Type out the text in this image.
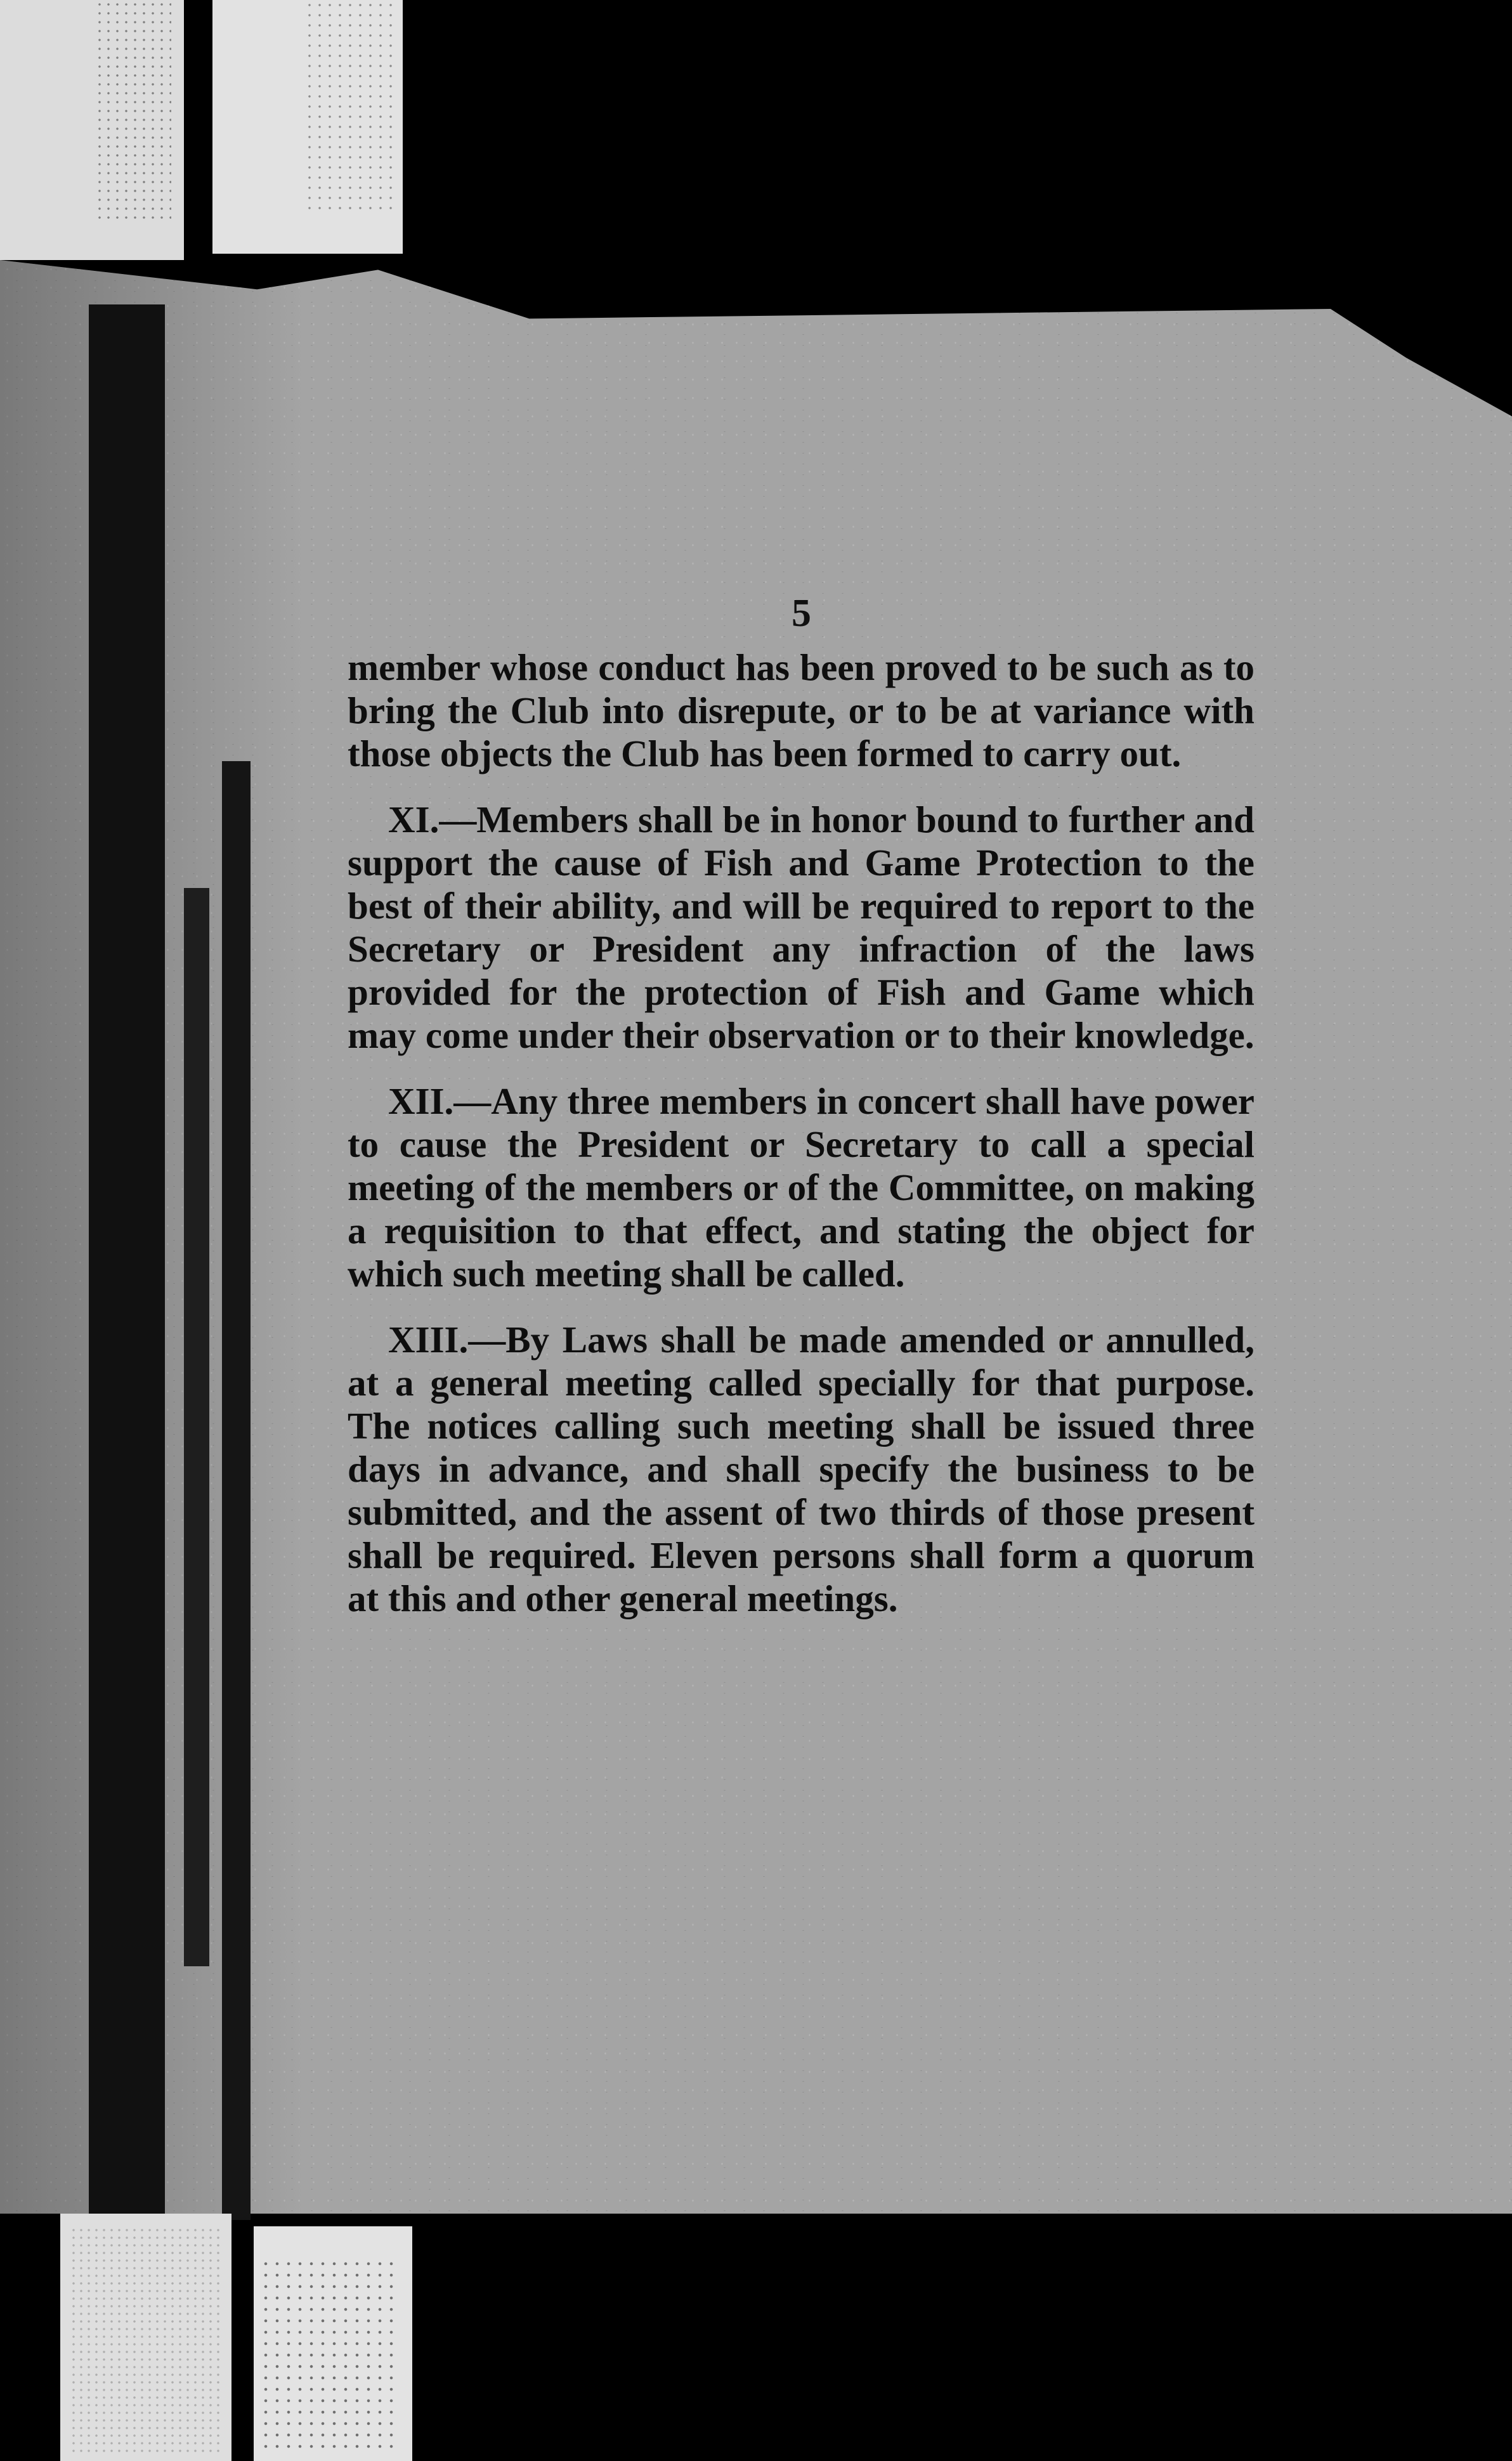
5

member whose conduct has been proved to be such as to bring the Club into disrepute, or to be at variance with those objects the Club has been formed to carry out.

XI.—Members shall be in honor bound to further and support the cause of Fish and Game Protection to the best of their ability, and will be required to report to the Secretary or President any infraction of the laws provided for the protection of Fish and Game which may come under their observation or to their knowledge.

XII.—Any three members in concert shall have power to cause the President or Secretary to call a special meeting of the members or of the Committee, on making a requisition to that effect, and stating the object for which such meeting shall be called.

XIII.—By Laws shall be made amended or annulled, at a general meeting called specially for that purpose. The notices calling such meeting shall be issued three days in advance, and shall specify the business to be submitted, and the assent of two thirds of those present shall be required. Eleven persons shall form a quorum at this and other general meetings.
